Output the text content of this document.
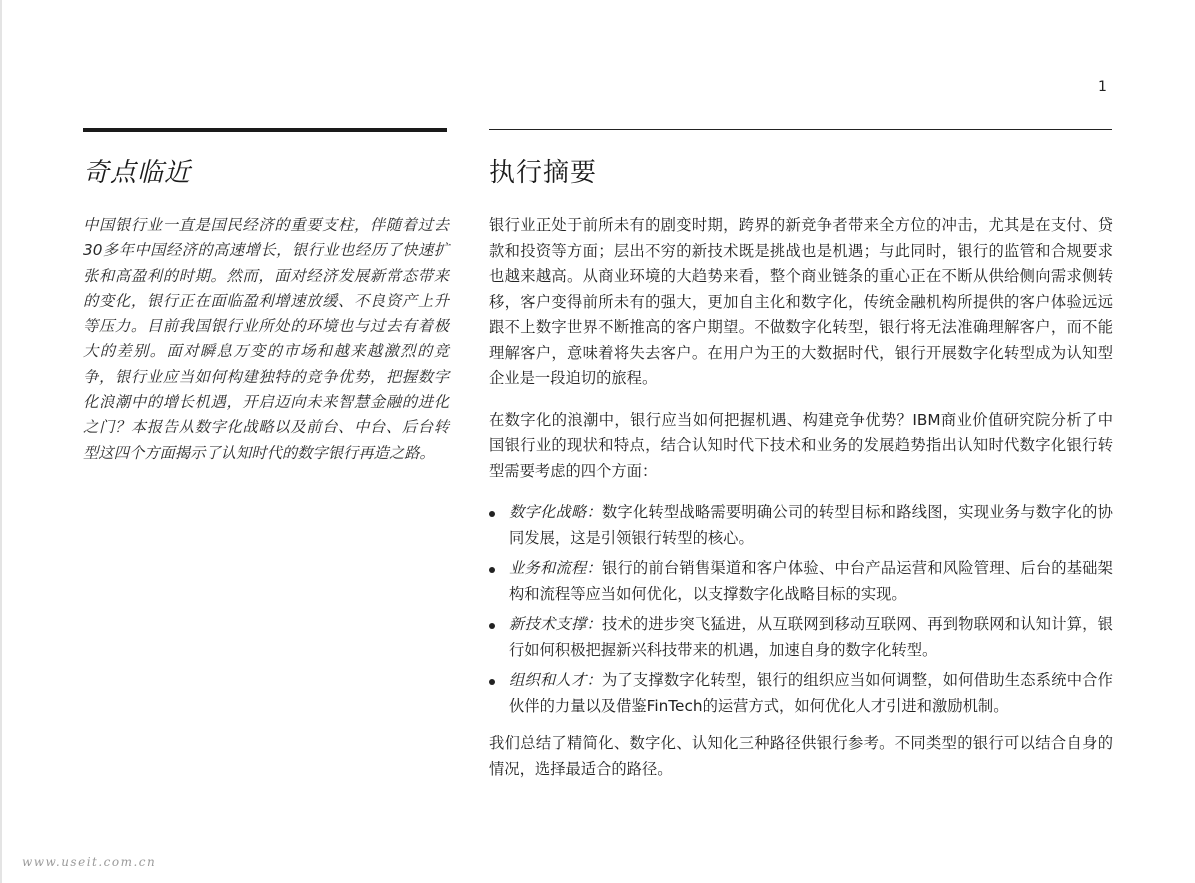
1
奇点临近

中国银行业一直是国民经济的重要支柱，伴随着过去30多年中国经济的高速增长，银行业也经历了快速扩张和高盈利的时期。然而，面对经济发展新常态带来的变化，银行正在面临盈利增速放缓、不良资产上升等压力。目前我国银行业所处的环境也与过去有着极大的差别。面对瞬息万变的市场和越来越激烈的竞争，银行业应当如何构建独特的竞争优势，把握数字化浪潮中的增长机遇，开启迈向未来智慧金融的进化之门？本报告从数字化战略以及前台、中台、后台转型这四个方面揭示了认知时代的数字银行再造之路。

执行摘要

银行业正处于前所未有的剧变时期，跨界的新竞争者带来全方位的冲击，尤其是在支付、贷款和投资等方面；层出不穷的新技术既是挑战也是机遇；与此同时，银行的监管和合规要求也越来越高。从商业环境的大趋势来看，整个商业链条的重心正在不断从供给侧向需求侧转移，客户变得前所未有的强大，更加自主化和数字化，传统金融机构所提供的客户体验远远跟不上数字世界不断推高的客户期望。不做数字化转型，银行将无法准确理解客户，而不能理解客户，意味着将失去客户。在用户为王的大数据时代，银行开展数字化转型成为认知型企业是一段迫切的旅程。

在数字化的浪潮中，银行应当如何把握机遇、构建竞争优势？IBM商业价值研究院分析了中国银行业的现状和特点，结合认知时代下技术和业务的发展趋势指出认知时代数字化银行转型需要考虑的四个方面：

数字化战略：数字化转型战略需要明确公司的转型目标和路线图，实现业务与数字化的协同发展，这是引领银行转型的核心。
业务和流程：银行的前台销售渠道和客户体验、中台产品运营和风险管理、后台的基础架构和流程等应当如何优化，以支撑数字化战略目标的实现。
新技术支撑：技术的进步突飞猛进，从互联网到移动互联网、再到物联网和认知计算，银行如何积极把握新兴科技带来的机遇，加速自身的数字化转型。
组织和人才：为了支撑数字化转型，银行的组织应当如何调整，如何借助生态系统中合作伙伴的力量以及借鉴FinTech的运营方式，如何优化人才引进和激励机制。

我们总结了精简化、数字化、认知化三种路径供银行参考。不同类型的银行可以结合自身的情况，选择最适合的路径。

www.useit.com.cn
